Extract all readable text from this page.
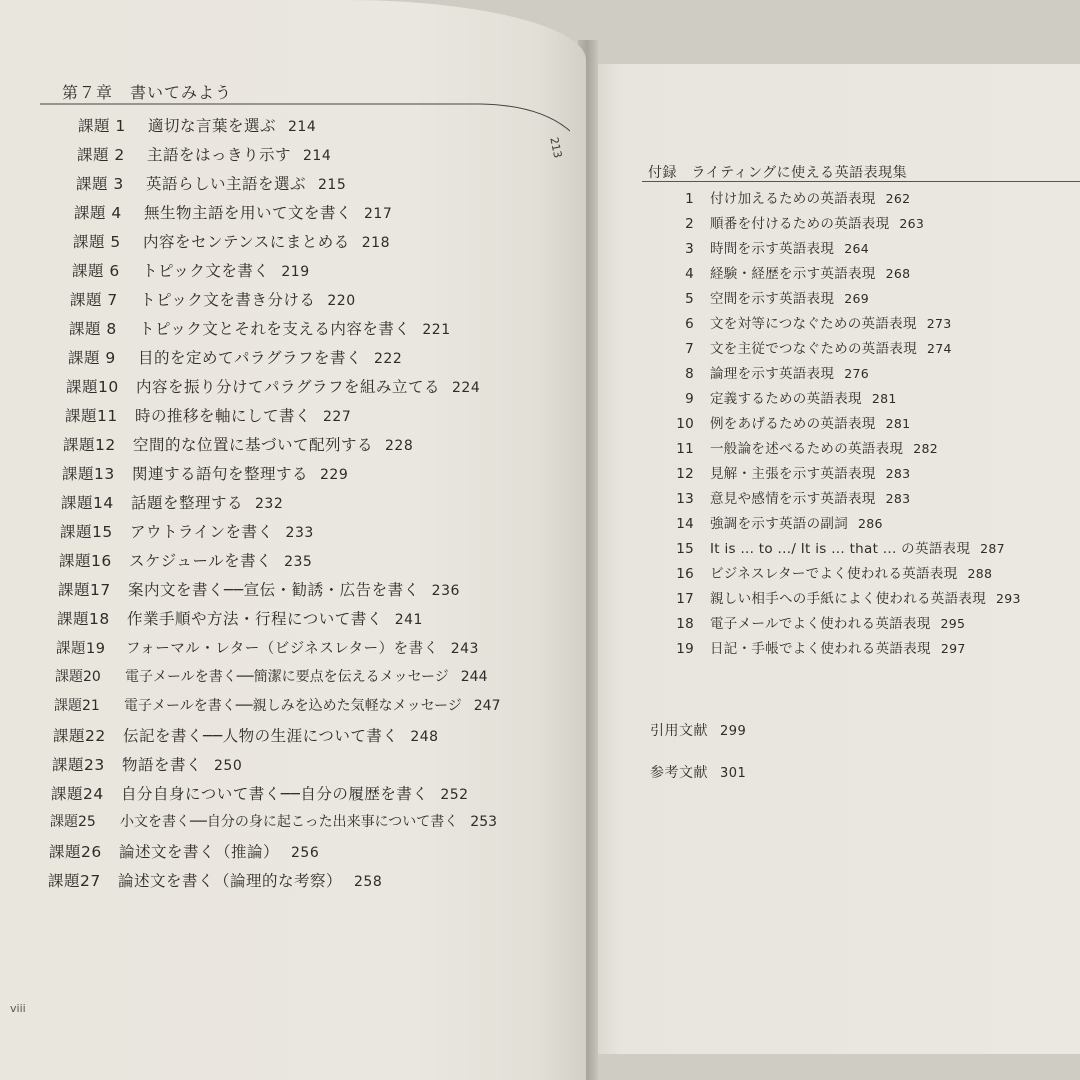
付録　ライティングに使える英語表現集
1 付け加えるための英語表現 262
2 順番を付けるための英語表現 263
3 時間を示す英語表現 264
4 経験・経歴を示す英語表現 268
5 空間を示す英語表現 269
6 文を対等につなぐための英語表現 273
7 文を主従でつなぐための英語表現 274
8 論理を示す英語表現 276
9 定義するための英語表現 281
10 例をあげるための英語表現 281
11 一般論を述べるための英語表現 282
12 見解・主張を示す英語表現 283
13 意見や感情を示す英語表現 283
14 強調を示す英語の副詞 286
15 It is ... to .../ It is ... that ... の英語表現 287
16 ビジネスレターでよく使われる英語表現 288
17 親しい相手への手紙によく使われる英語表現 293
18 電子メールでよく使われる英語表現 295
19 日記・手帳でよく使われる英語表現 297
引用文献 299
参考文献 301
第７章　書いてみよう
213
課題 1 適切な言葉を選ぶ 214
課題 2 主語をはっきり示す 214
課題 3 英語らしい主語を選ぶ 215
課題 4 無生物主語を用いて文を書く 217
課題 5 内容をセンテンスにまとめる 218
課題 6 トピック文を書く 219
課題 7 トピック文を書き分ける 220
課題 8 トピック文とそれを支える内容を書く 221
課題 9 目的を定めてパラグラフを書く 222
課題10 内容を振り分けてパラグラフを組み立てる 224
課題11 時の推移を軸にして書く 227
課題12 空間的な位置に基づいて配列する 228
課題13 関連する語句を整理する 229
課題14 話題を整理する 232
課題15 アウトラインを書く 233
課題16 スケジュールを書く 235
課題17 案内文を書く──宣伝・勧誘・広告を書く 236
課題18 作業手順や方法・行程について書く 241
課題19 フォーマル・レター（ビジネスレター）を書く 243
課題20 電子メールを書く──簡潔に要点を伝えるメッセージ 244
課題21 電子メールを書く──親しみを込めた気軽なメッセージ 247
課題22 伝記を書く──人物の生涯について書く 248
課題23 物語を書く 250
課題24 自分自身について書く──自分の履歴を書く 252
課題25 小文を書く──自分の身に起こった出来事について書く 253
課題26 論述文を書く（推論） 256
課題27 論述文を書く（論理的な考察） 258
viii
